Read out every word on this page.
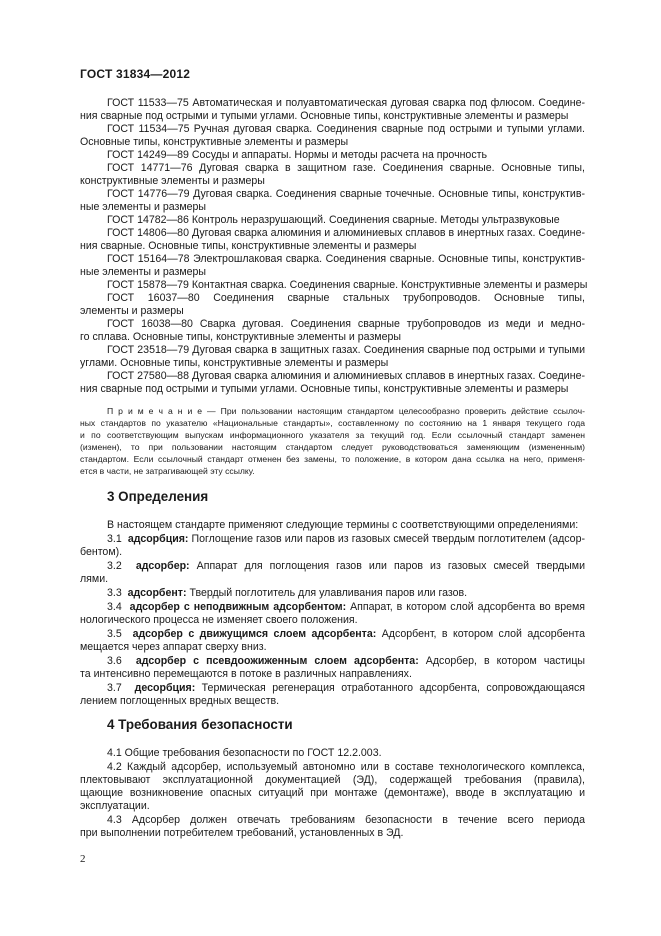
ГОСТ 31834—2012
ГОСТ 11533—75 Автоматическая и полуавтоматическая дуговая сварка под флюсом. Соедине-
ния сварные под острыми и тупыми углами. Основные типы, конструктивные элементы и размеры
ГОСТ 11534—75 Ручная дуговая сварка. Соединения сварные под острыми и тупыми углами.
Основные типы, конструктивные элементы и размеры
ГОСТ 14249—89 Сосуды и аппараты. Нормы и методы расчета на прочность
ГОСТ 14771—76 Дуговая сварка в защитном газе. Соединения сварные. Основные типы,
конструктивные элементы и размеры
ГОСТ 14776—79 Дуговая сварка. Соединения сварные точечные. Основные типы, конструктив-
ные элементы и размеры
ГОСТ 14782—86 Контроль неразрушающий. Соединения сварные. Методы ультразвуковые
ГОСТ 14806—80 Дуговая сварка алюминия и алюминиевых сплавов в инертных газах. Соедине-
ния сварные. Основные типы, конструктивные элементы и размеры
ГОСТ 15164—78 Электрошлаковая сварка. Соединения сварные. Основные типы, конструктив-
ные элементы и размеры
ГОСТ 15878—79 Контактная сварка. Соединения сварные. Конструктивные элементы и размеры
ГОСТ 16037—80 Соединения сварные стальных трубопроводов. Основные типы,
элементы и размеры
ГОСТ 16038—80 Сварка дуговая. Соединения сварные трубопроводов из меди и медно-
го сплава. Основные типы, конструктивные элементы и размеры
ГОСТ 23518—79 Дуговая сварка в защитных газах. Соединения сварные под острыми и тупыми
углами. Основные типы, конструктивные элементы и размеры
ГОСТ 27580—88 Дуговая сварка алюминия и алюминиевых сплавов в инертных газах. Соедине-
ния сварные под острыми и тупыми углами. Основные типы, конструктивные элементы и размеры
П р и м е ч а н и е — При пользовании настоящим стандартом целесообразно проверить действие ссылоч-
ных стандартов по указателю «Национальные стандарты», составленному по состоянию на 1 января текущего года
и по соответствующим выпускам информационного указателя за текущий год. Если ссылочный стандарт заменен
(изменен), то при пользовании настоящим стандартом следует руководствоваться заменяющим (измененным)
стандартом. Если ссылочный стандарт отменен без замены, то положение, в котором дана ссылка на него, применя-
ется в части, не затрагивающей эту ссылку.
3 Определения
В настоящем стандарте применяют следующие термины с соответствующими определениями:
3.1 адсорбция: Поглощение газов или паров из газовых смесей твердым поглотителем (адсор-
бентом).
3.2 адсорбер: Аппарат для поглощения газов или паров из газовых смесей твердыми
лями.
3.3 адсорбент: Твердый поглотитель для улавливания паров или газов.
3.4 адсорбер с неподвижным адсорбентом: Аппарат, в котором слой адсорбента во время
нологического процесса не изменяет своего положения.
3.5 адсорбер с движущимся слоем адсорбента: Адсорбент, в котором слой адсорбента
мещается через аппарат сверху вниз.
3.6 адсорбер с псевдоожиженным слоем адсорбента: Адсорбер, в котором частицы
та интенсивно перемещаются в потоке в различных направлениях.
3.7 десорбция: Термическая регенерация отработанного адсорбента, сопровождающаяся
лением поглощенных вредных веществ.
4 Требования безопасности
4.1 Общие требования безопасности по ГОСТ 12.2.003.
4.2 Каждый адсорбер, используемый автономно или в составе технологического комплекса,
плектовывают эксплуатационной документацией (ЭД), содержащей требования (правила),
щающие возникновение опасных ситуаций при монтаже (демонтаже), вводе в эксплуатацию и
эксплуатации.
4.3 Адсорбер должен отвечать требованиям безопасности в течение всего периода
при выполнении потребителем требований, установленных в ЭД.
2
